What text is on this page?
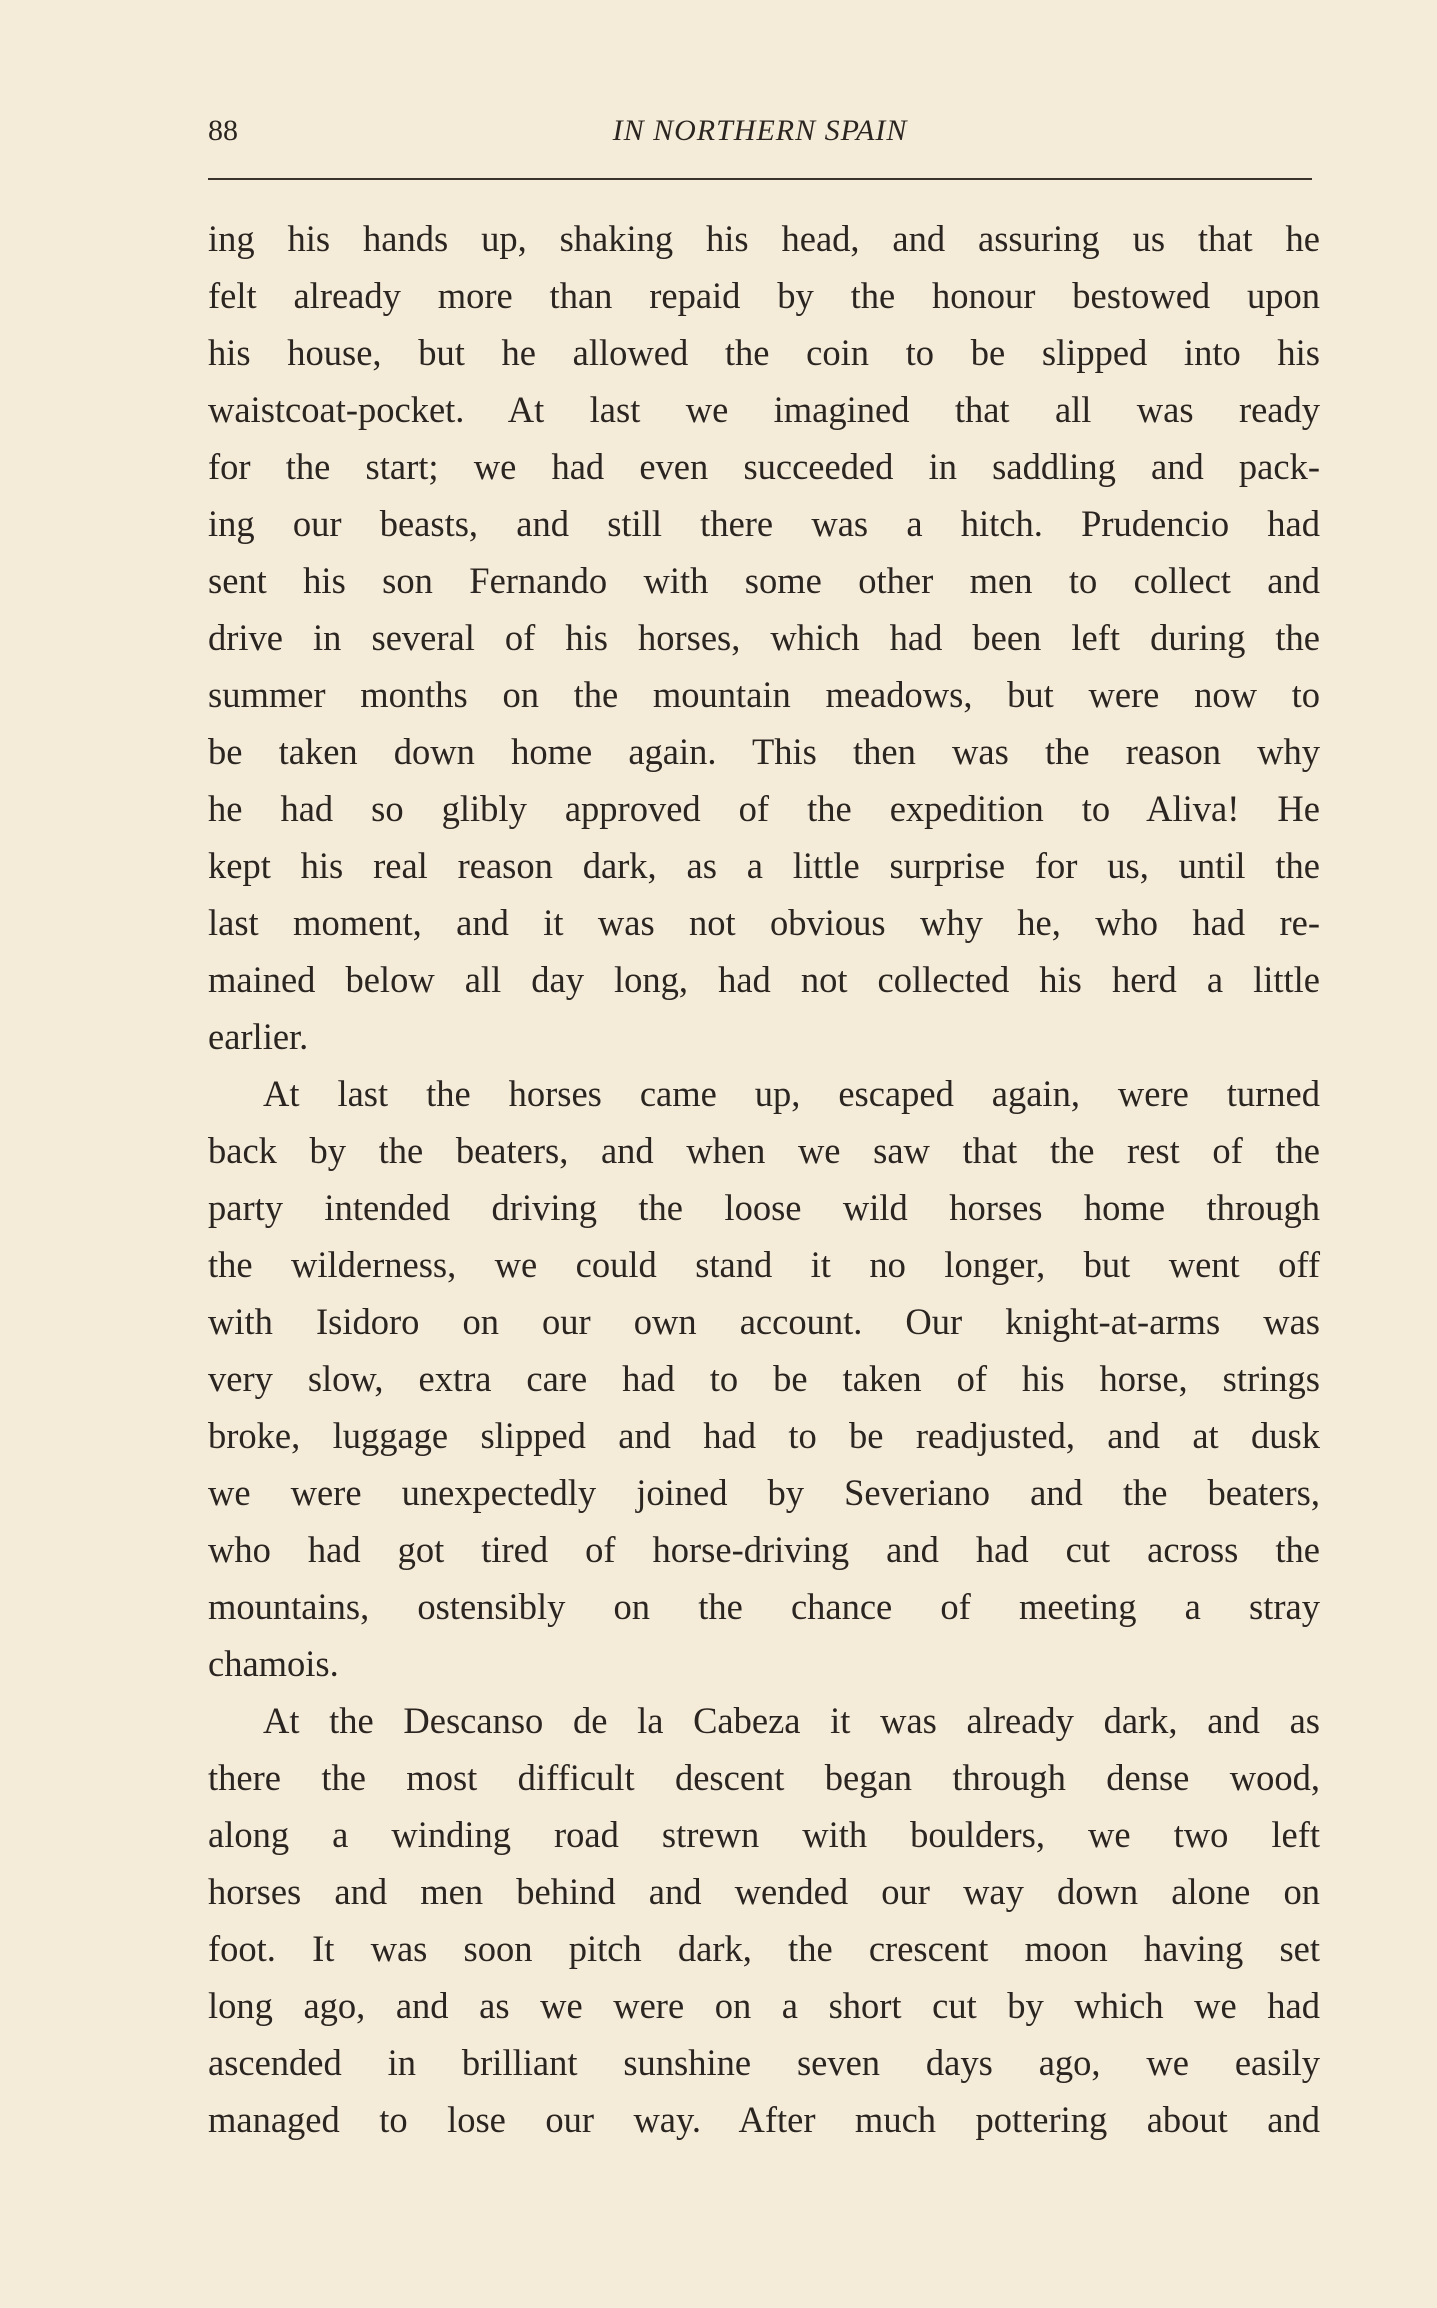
88	IN NORTHERN SPAIN
ing his hands up, shaking his head, and assuring us that he
felt already more than repaid by the honour bestowed upon
his house, but he allowed the coin to be slipped into his
waistcoat-pocket. At last we imagined that all was ready
for the start; we had even succeeded in saddling and pack-
ing our beasts, and still there was a hitch. Prudencio had
sent his son Fernando with some other men to collect and
drive in several of his horses, which had been left during the
summer months on the mountain meadows, but were now to
be taken down home again. This then was the reason why
he had so glibly approved of the expedition to Aliva! He
kept his real reason dark, as a little surprise for us, until the
last moment, and it was not obvious why he, who had re-
mained below all day long, had not collected his herd a little
earlier.
At last the horses came up, escaped again, were turned
back by the beaters, and when we saw that the rest of the
party intended driving the loose wild horses home through
the wilderness, we could stand it no longer, but went off
with Isidoro on our own account. Our knight-at-arms was
very slow, extra care had to be taken of his horse, strings
broke, luggage slipped and had to be readjusted, and at dusk
we were unexpectedly joined by Severiano and the beaters,
who had got tired of horse-driving and had cut across the
mountains, ostensibly on the chance of meeting a stray
chamois.
At the Descanso de la Cabeza it was already dark, and as
there the most difficult descent began through dense wood,
along a winding road strewn with boulders, we two left
horses and men behind and wended our way down alone on
foot. It was soon pitch dark, the crescent moon having set
long ago, and as we were on a short cut by which we had
ascended in brilliant sunshine seven days ago, we easily
managed to lose our way. After much pottering about and
